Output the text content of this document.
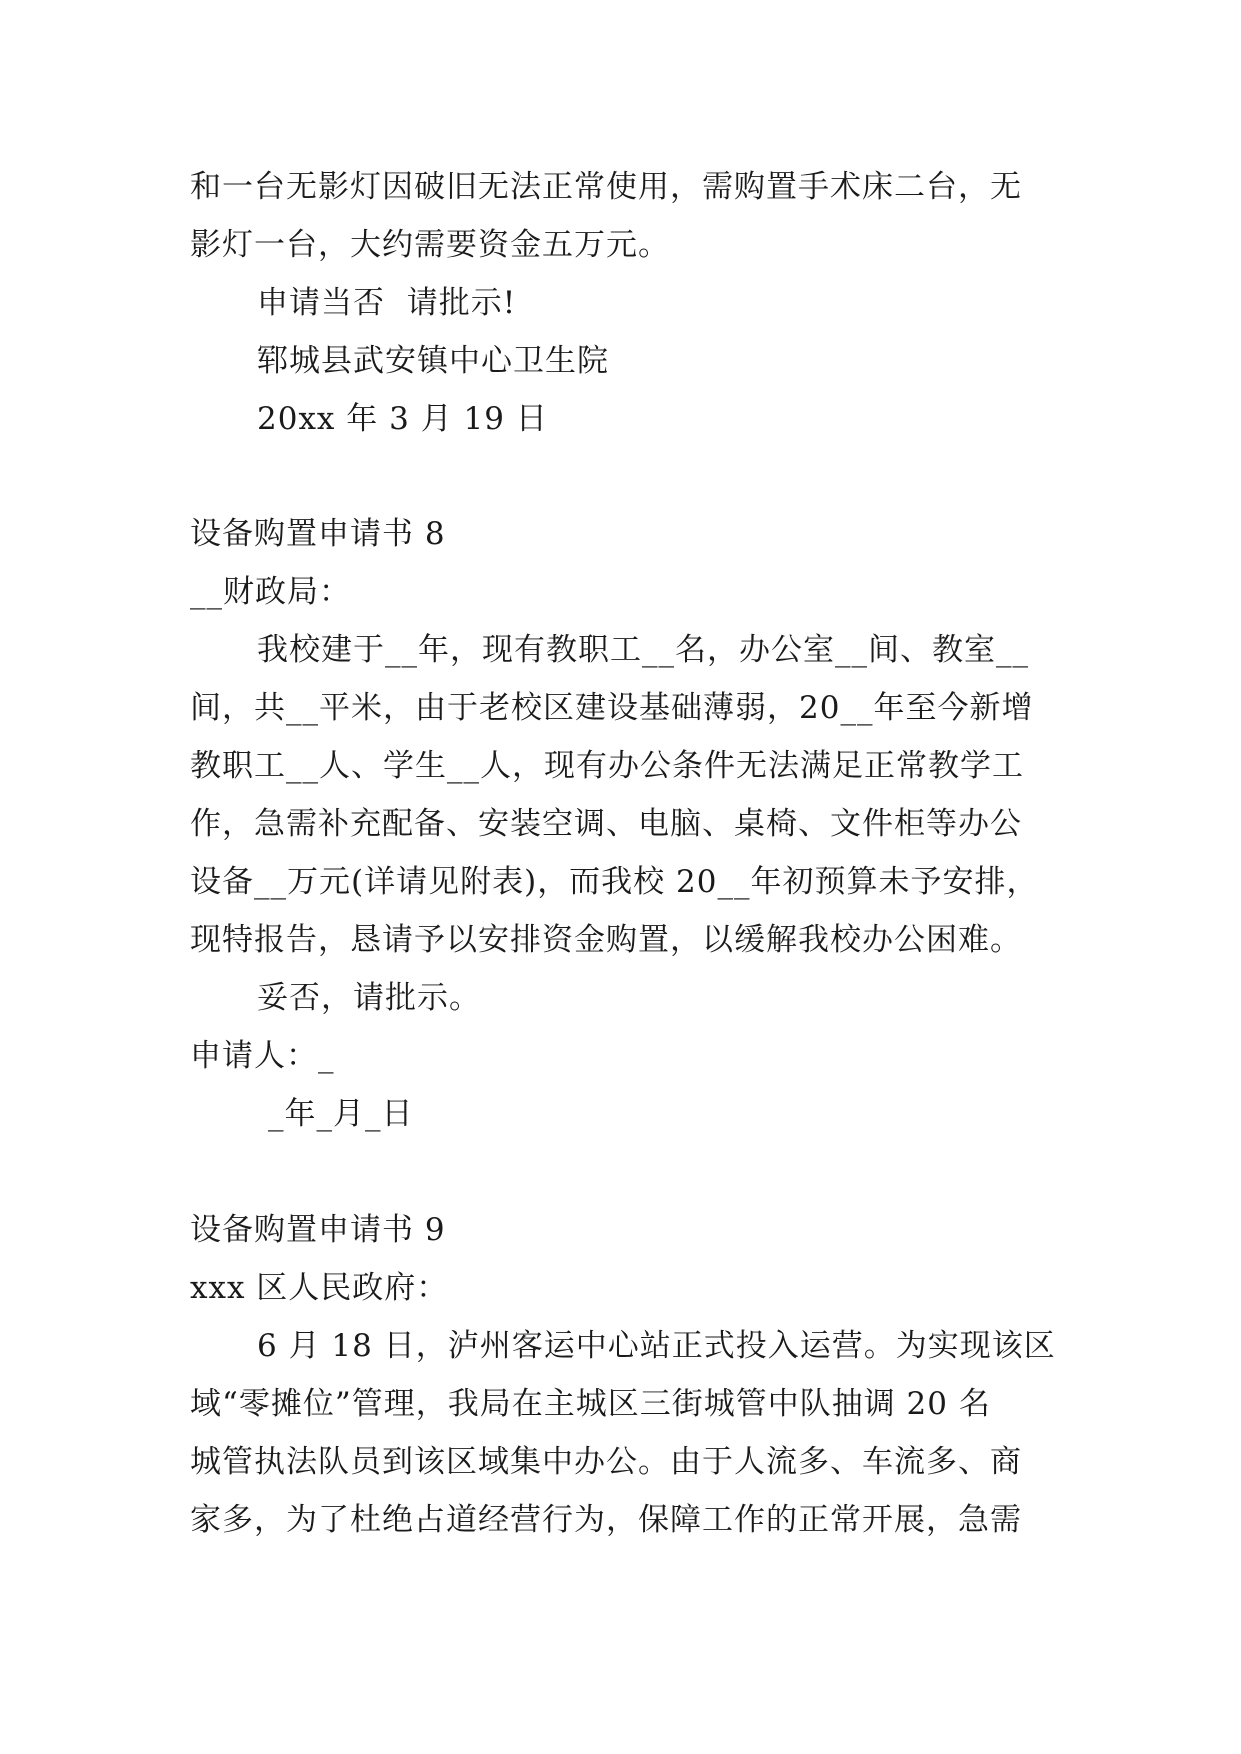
和一台无影灯因破旧无法正常使用，需购置手术床二台，无
影灯一台，大约需要资金五万元。
申请当否  请批示!
郓城县武安镇中心卫生院
20xx 年 3 月 19 日
设备购置申请书 8
__财政局：
我校建于__年，现有教职工__名，办公室__间、教室__
间，共__平米，由于老校区建设基础薄弱，20__年至今新增
教职工__人、学生__人，现有办公条件无法满足正常教学工
作，急需补充配备、安装空调、电脑、桌椅、文件柜等办公
设备__万元(详请见附表)，而我校 20__年初预算未予安排，
现特报告，恳请予以安排资金购置，以缓解我校办公困难。
妥否，请批示。
申请人：_
_年_月_日
设备购置申请书 9
xxx 区人民政府：
6 月 18 日，泸州客运中心站正式投入运营。为实现该区
域“零摊位”管理，我局在主城区三街城管中队抽调 20 名
城管执法队员到该区域集中办公。由于人流多、车流多、商
家多，为了杜绝占道经营行为，保障工作的正常开展，急需
